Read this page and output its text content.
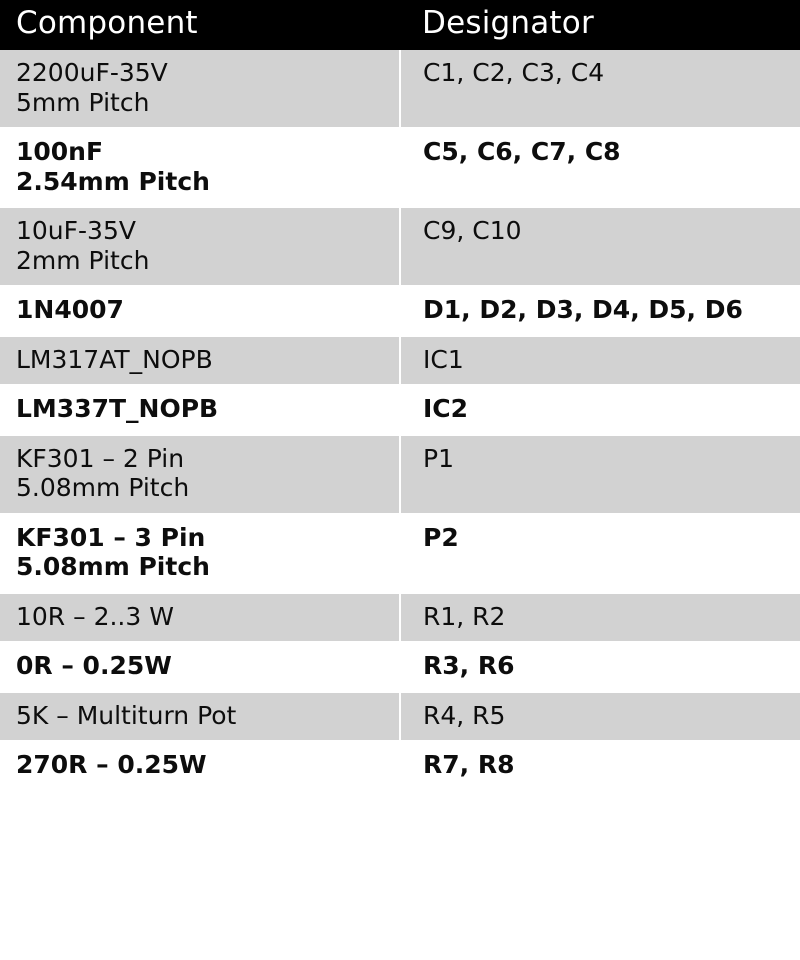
Component	Designator
2200uF-35V
5mm Pitch	C1, C2, C3, C4
100nF
2.54mm Pitch	C5, C6, C7, C8
10uF-35V
2mm Pitch	C9, C10
1N4007	D1, D2, D3, D4, D5, D6
LM317AT_NOPB	IC1
LM337T_NOPB	IC2
KF301 – 2 Pin
5.08mm Pitch	P1
KF301 – 3 Pin
5.08mm Pitch	P2
10R – 2..3 W	R1, R2
0R – 0.25W	R3, R6
5K – Multiturn Pot	R4, R5
270R – 0.25W	R7, R8
